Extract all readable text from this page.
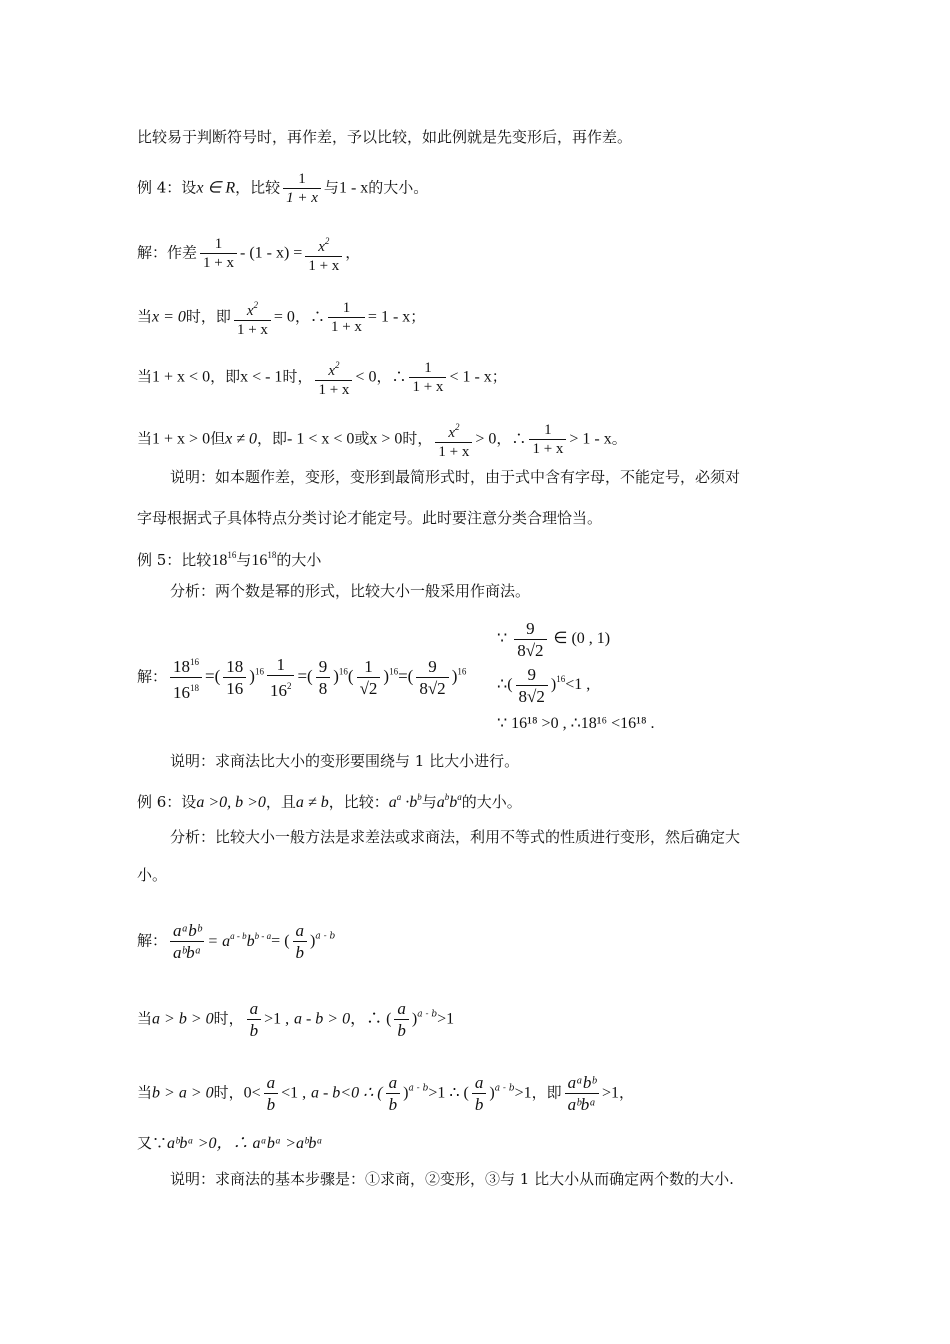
比较易于判断符号时，再作差，予以比较，如此例就是先变形后，再作差。
例 4：设x ∈ R，比较 $\frac{1}{1 + x}$ 与1 - x的大小。
解：作差 $\frac{1}{1 + x} - (1 - x) = \frac{x^2}{1 + x}$ ，
当x = 0时，即 $\frac{x^2}{1 + x} = 0$，∴ $\frac{1}{1 + x} = 1 - x$；
当1 + x < 0，即x < - 1时， $\frac{x^2}{1 + x} < 0$，∴ $\frac{1}{1 + x} < 1 - x$；
当1 + x > 0但x ≠ 0，即- 1 < x < 0或x > 0时， $\frac{x^2}{1 + x} > 0$，∴ $\frac{1}{1 + x} > 1 - x$。
说明：如本题作差，变形，变形到最简形式时，由于式中含有字母，不能定号，必须对
字母根据式子具体特点分类讨论才能定号。此时要注意分类合理恰当。
例 5：比较$18^{16}$与$16^{18}$的大小
分析：两个数是幂的形式，比较大小一般采用作商法。
∵ $\frac{9}{8√2}$ ∈ (0 , 1)
∴( $\frac{9}{8√2} )^{16}<1$ ,
∵ 16¹⁸ >0 , ∴18¹⁶ <16¹⁸ .
解： $\frac{18^{16}}{16^{18}}$ =( $\frac{18}{16} )^{16} \frac{1}{16^2}$ =( $\frac{9}{8} )^{16}( \frac{1}{√2} )^{16}=( \frac{9}{8√2} )^{16}$
说明：求商法比大小的变形要围绕与 1 比大小进行。
例 6：设a >0, b >0，且a ≠ b，比较：$a^a \cdot b^b$与$a^bb^a$的大小。
分析：比较大小一般方法是求差法或求商法，利用不等式的性质进行变形，然后确定大
小。
解： $\frac{\text{aᵃbᵇ}}{\text{aᵇbᵃ}} = a^{a - b}b^{b - a}=$ ( $\frac{a}{b} )^{a - b}$
当a > b > 0时， $\frac{a}{b} >1$ , a - b > 0，∴ ( $\frac{a}{b} )^{a - b}>1$
当b > a > 0时，$0< \frac{a}{b} <1$ , a - b<0 ∴ ( $\frac{a}{b} )^{a - b}>1$ ∴ ( $\frac{a}{b} )^{a - b}>1$，即 $\frac{\text{aᵃbᵇ}}{\text{aᵇbᵃ}} >1$，
又∵aᵇbᵃ >0，∴ aᵃbᵃ >aᵇbᵃ
说明：求商法的基本步骤是：①求商，②变形，③与 1 比大小从而确定两个数的大小.
